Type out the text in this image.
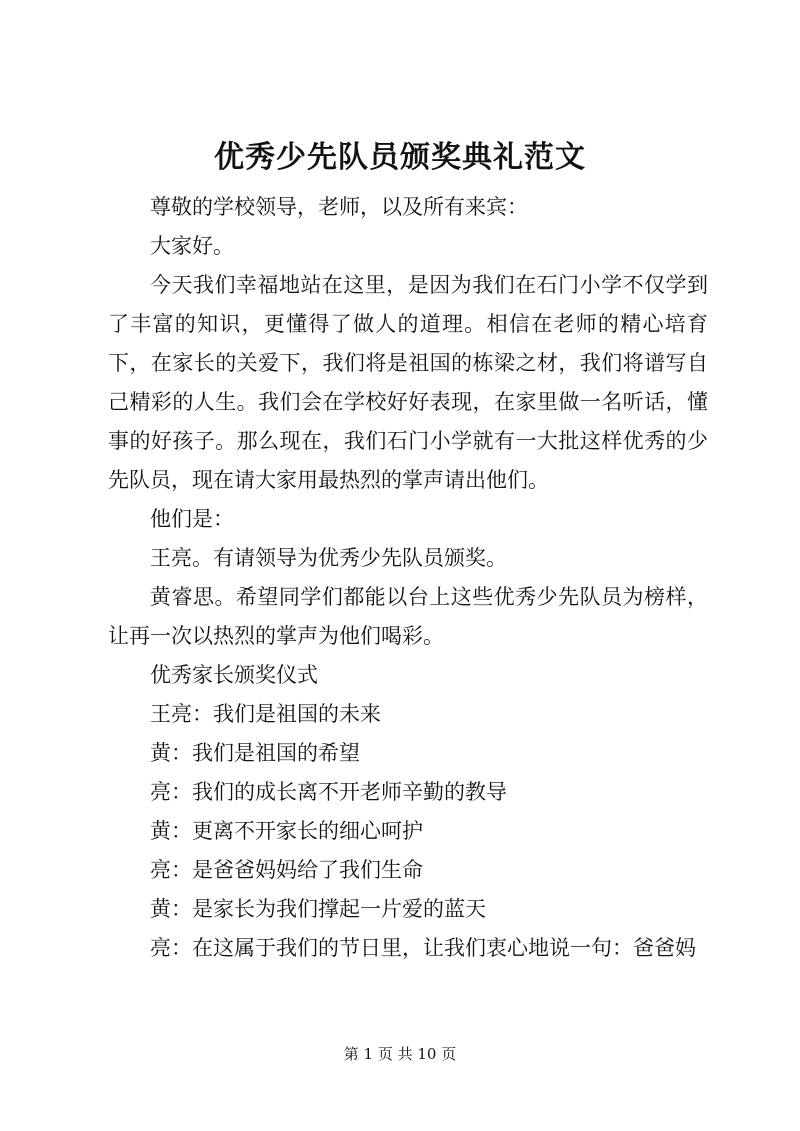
优秀少先队员颁奖典礼范文

尊敬的学校领导，老师，以及所有来宾：

大家好。

今天我们幸福地站在这里，是因为我们在石门小学不仅学到了丰富的知识，更懂得了做人的道理。相信在老师的精心培育下，在家长的关爱下，我们将是祖国的栋梁之材，我们将谱写自己精彩的人生。我们会在学校好好表现，在家里做一名听话，懂事的好孩子。那么现在，我们石门小学就有一大批这样优秀的少先队员，现在请大家用最热烈的掌声请出他们。

他们是：

王亮。有请领导为优秀少先队员颁奖。

黄睿思。希望同学们都能以台上这些优秀少先队员为榜样，让再一次以热烈的掌声为他们喝彩。

优秀家长颁奖仪式

王亮：我们是祖国的未来

黄：我们是祖国的希望

亮：我们的成长离不开老师辛勤的教导

黄：更离不开家长的细心呵护

亮：是爸爸妈妈给了我们生命

黄：是家长为我们撑起一片爱的蓝天

亮：在这属于我们的节日里，让我们衷心地说一句：爸爸妈

第 1 页 共 10 页
